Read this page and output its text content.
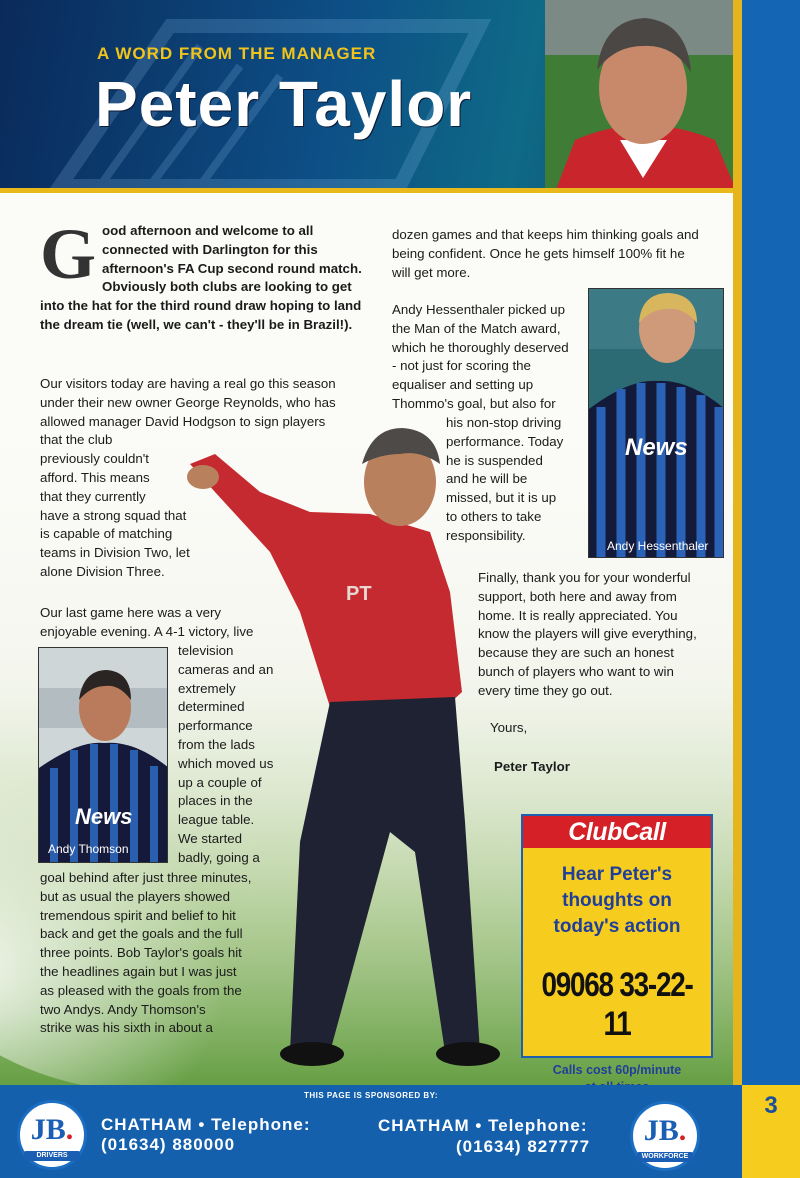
PT
A WORD FROM THE MANAGER
Peter Taylor
Good afternoon and welcome to all connected with Darlington for this afternoon's FA Cup second round match. Obviously both clubs are looking to get into the hat for the third round draw hoping to land the dream tie (well, we can't - they'll be in Brazil!).
Our visitors today are having a real go this season
under their new owner George Reynolds, who has
allowed manager David Hodgson to sign players
that the club
previously couldn't
afford. This means
that they currently
have a strong squad that
is capable of matching
teams in Division Two, let
alone Division Three.
Our last game here was a very
enjoyable evening. A 4-1 victory, live
television
cameras and an
extremely
determined
performance
from the lads
which moved us
up a couple of
places in the
league table.
We started
badly, going a
goal behind after just three minutes,
but as usual the players showed
tremendous spirit and belief to hit
back and get the goals and the full
three points. Bob Taylor's goals hit
the headlines again but I was just
as pleased with the goals from the
two Andys. Andy Thomson's
strike was his sixth in about a
News
Andy Thomson
dozen games and that keeps him thinking goals and
being confident. Once he gets himself 100% fit he
will get more.
Andy Hessenthaler picked up
the Man of the Match award,
which he thoroughly deserved
- not just for scoring the
equaliser and setting up
Thommo's goal, but also for
his non-stop driving
performance. Today
he is suspended
and he will be
missed, but it is up
to others to take
responsibility.
News
Andy Hessenthaler
Finally, thank you for your wonderful
support, both here and away from
home. It is really appreciated. You
know the players will give everything,
because they are such an honest
bunch of players who want to win
every time they go out.
Yours,
Peter Taylor
ClubCall
Hear Peter's
thoughts on
today's action
09068 33-22-11
Calls cost 60p/minute
3
THIS PAGE IS SPONSORED BY:
JB.
DRIVERS
CHATHAM • Telephone:
(01634) 880000
CHATHAM • Telephone:
(01634) 827777	JB.
WORKFORCE
